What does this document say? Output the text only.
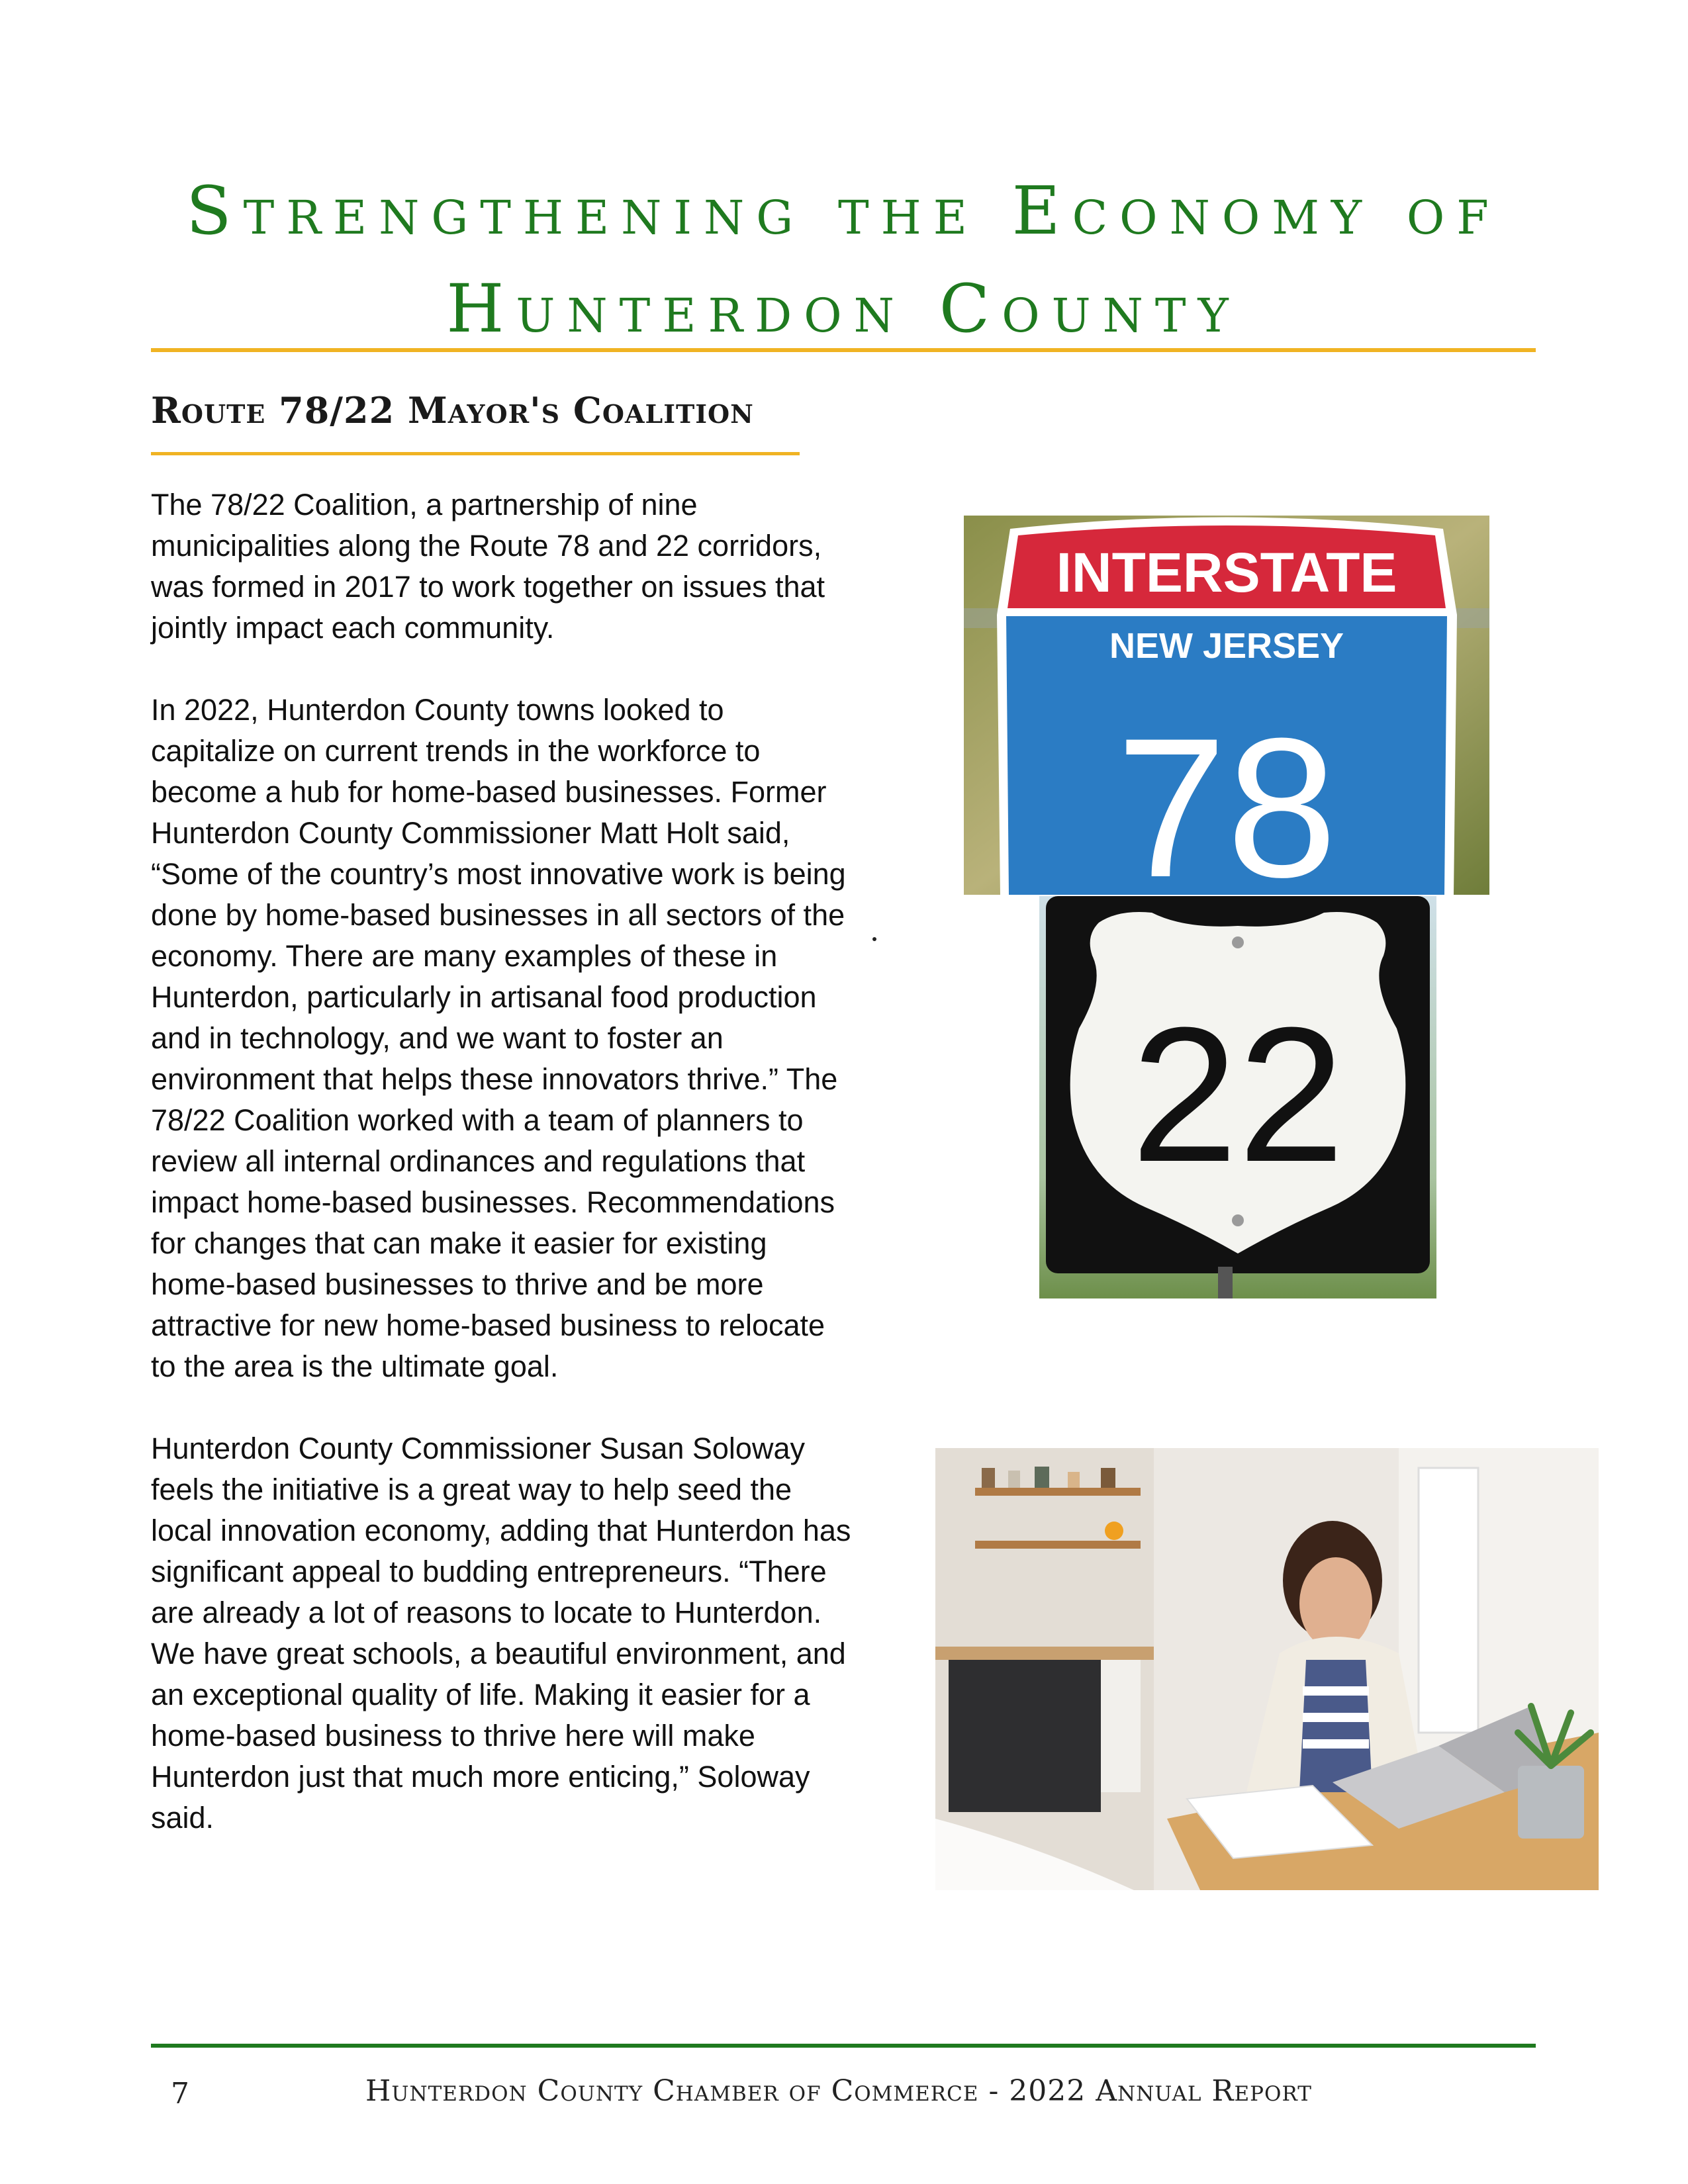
Strengthening the Economy of
Hunterdon County
Route 78/22 Mayor's Coalition

The 78/22 Coalition, a partnership of nine municipalities along the Route 78 and 22 corridors, was formed in 2017 to work together on issues that jointly impact each community.

In 2022, Hunterdon County towns looked to capitalize on current trends in the workforce to become a hub for home-based businesses. Former Hunterdon County Commissioner Matt Holt said, “Some of the country’s most innovative work is being done by home-based businesses in all sectors of the economy. There are many examples of these in Hunterdon, particularly in artisanal food production and in technology, and we want to foster an environment that helps these innovators thrive.” The 78/22 Coalition worked with a team of planners to review all internal ordinances and regulations that impact home-based businesses. Recommendations for changes that can make it easier for existing home-based businesses to thrive and be more attractive for new home-based business to relocate to the area is the ultimate goal.

Hunterdon County Commissioner Susan Soloway feels the initiative is a great way to help seed the local innovation economy, adding that Hunterdon has significant appeal to budding entrepreneurs. “There are already a lot of reasons to locate to Hunterdon. We have great schools, a beautiful environment, and an exceptional quality of life. Making it easier for a home-based business to thrive here will make Hunterdon just that much more enticing,” Soloway said.

INTERSTATE
NEW JERSEY
78
22
7	Hunterdon County Chamber of Commerce - 2022 Annual Report
